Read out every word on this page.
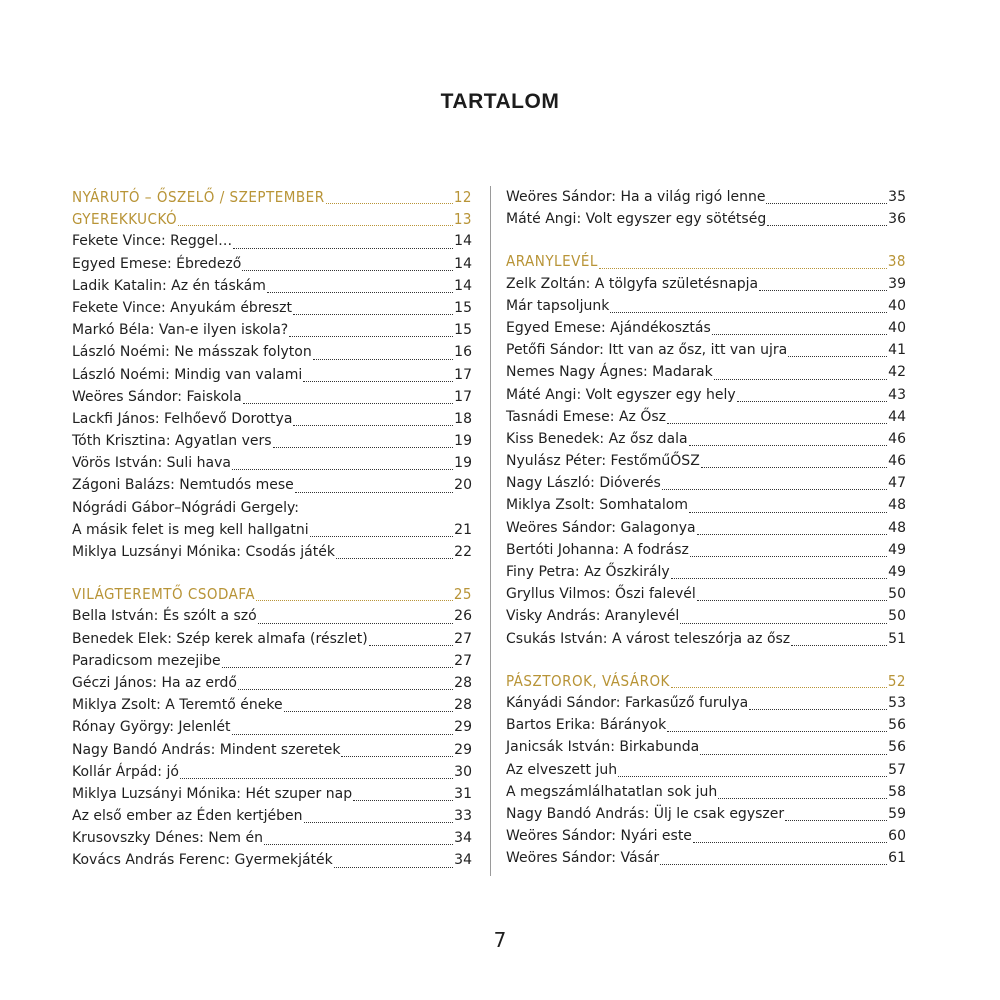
TARTALOM
NYÁRUTÓ – ŐSZELŐ / SZEPTEMBER	12
GYEREKKUCKÓ	13
Fekete Vince: Reggel…	14
Egyed Emese: Ébredező	14
Ladik Katalin: Az én táskám	14
Fekete Vince: Anyukám ébreszt	15
Markó Béla: Van-e ilyen iskola?	15
László Noémi: Ne másszak folyton	16
László Noémi: Mindig van valami	17
Weöres Sándor: Faiskola	17
Lackfi János: Felhőevő Dorottya	18
Tóth Krisztina: Agyatlan vers	19
Vörös István: Suli hava	19
Zágoni Balázs: Nemtudós mese	20
Nógrádi Gábor–Nógrádi Gergely:
A másik felet is meg kell hallgatni	21
Miklya Luzsányi Mónika: Csodás játék	22
VILÁGTEREMTŐ CSODAFA	25
Bella István: És szólt a szó	26
Benedek Elek: Szép kerek almafa (részlet)	27
Paradicsom mezejibe	27
Géczi János: Ha az erdő	28
Miklya Zsolt: A Teremtő éneke	28
Rónay György: Jelenlét	29
Nagy Bandó András: Mindent szeretek	29
Kollár Árpád: jó	30
Miklya Luzsányi Mónika: Hét szuper nap	31
Az első ember az Éden kertjében	33
Krusovszky Dénes: Nem én	34
Kovács András Ferenc: Gyermekjáték	34
Weöres Sándor: Ha a világ rigó lenne	35
Máté Angi: Volt egyszer egy sötétség	36
ARANYLEVÉL	38
Zelk Zoltán: A tölgyfa születésnapja	39
Már tapsoljunk	40
Egyed Emese: Ajándékosztás	40
Petőfi Sándor: Itt van az ősz, itt van ujra	41
Nemes Nagy Ágnes: Madarak	42
Máté Angi: Volt egyszer egy hely	43
Tasnádi Emese: Az Ősz	44
Kiss Benedek: Az ősz dala	46
Nyulász Péter: FestőműŐSZ	46
Nagy László: Dióverés	47
Miklya Zsolt: Somhatalom	48
Weöres Sándor: Galagonya	48
Bertóti Johanna: A fodrász	49
Finy Petra: Az Őszkirály	49
Gryllus Vilmos: Őszi falevél	50
Visky András: Aranylevél	50
Csukás István: A várost teleszórja az ősz	51
PÁSZTOROK, VÁSÁROK	52
Kányádi Sándor: Farkasűző furulya	53
Bartos Erika: Bárányok	56
Janicsák István: Birkabunda	56
Az elveszett juh	57
A megszámlálhatatlan sok juh	58
Nagy Bandó András: Ülj le csak egyszer	59
Weöres Sándor: Nyári este	60
Weöres Sándor: Vásár	61
7
